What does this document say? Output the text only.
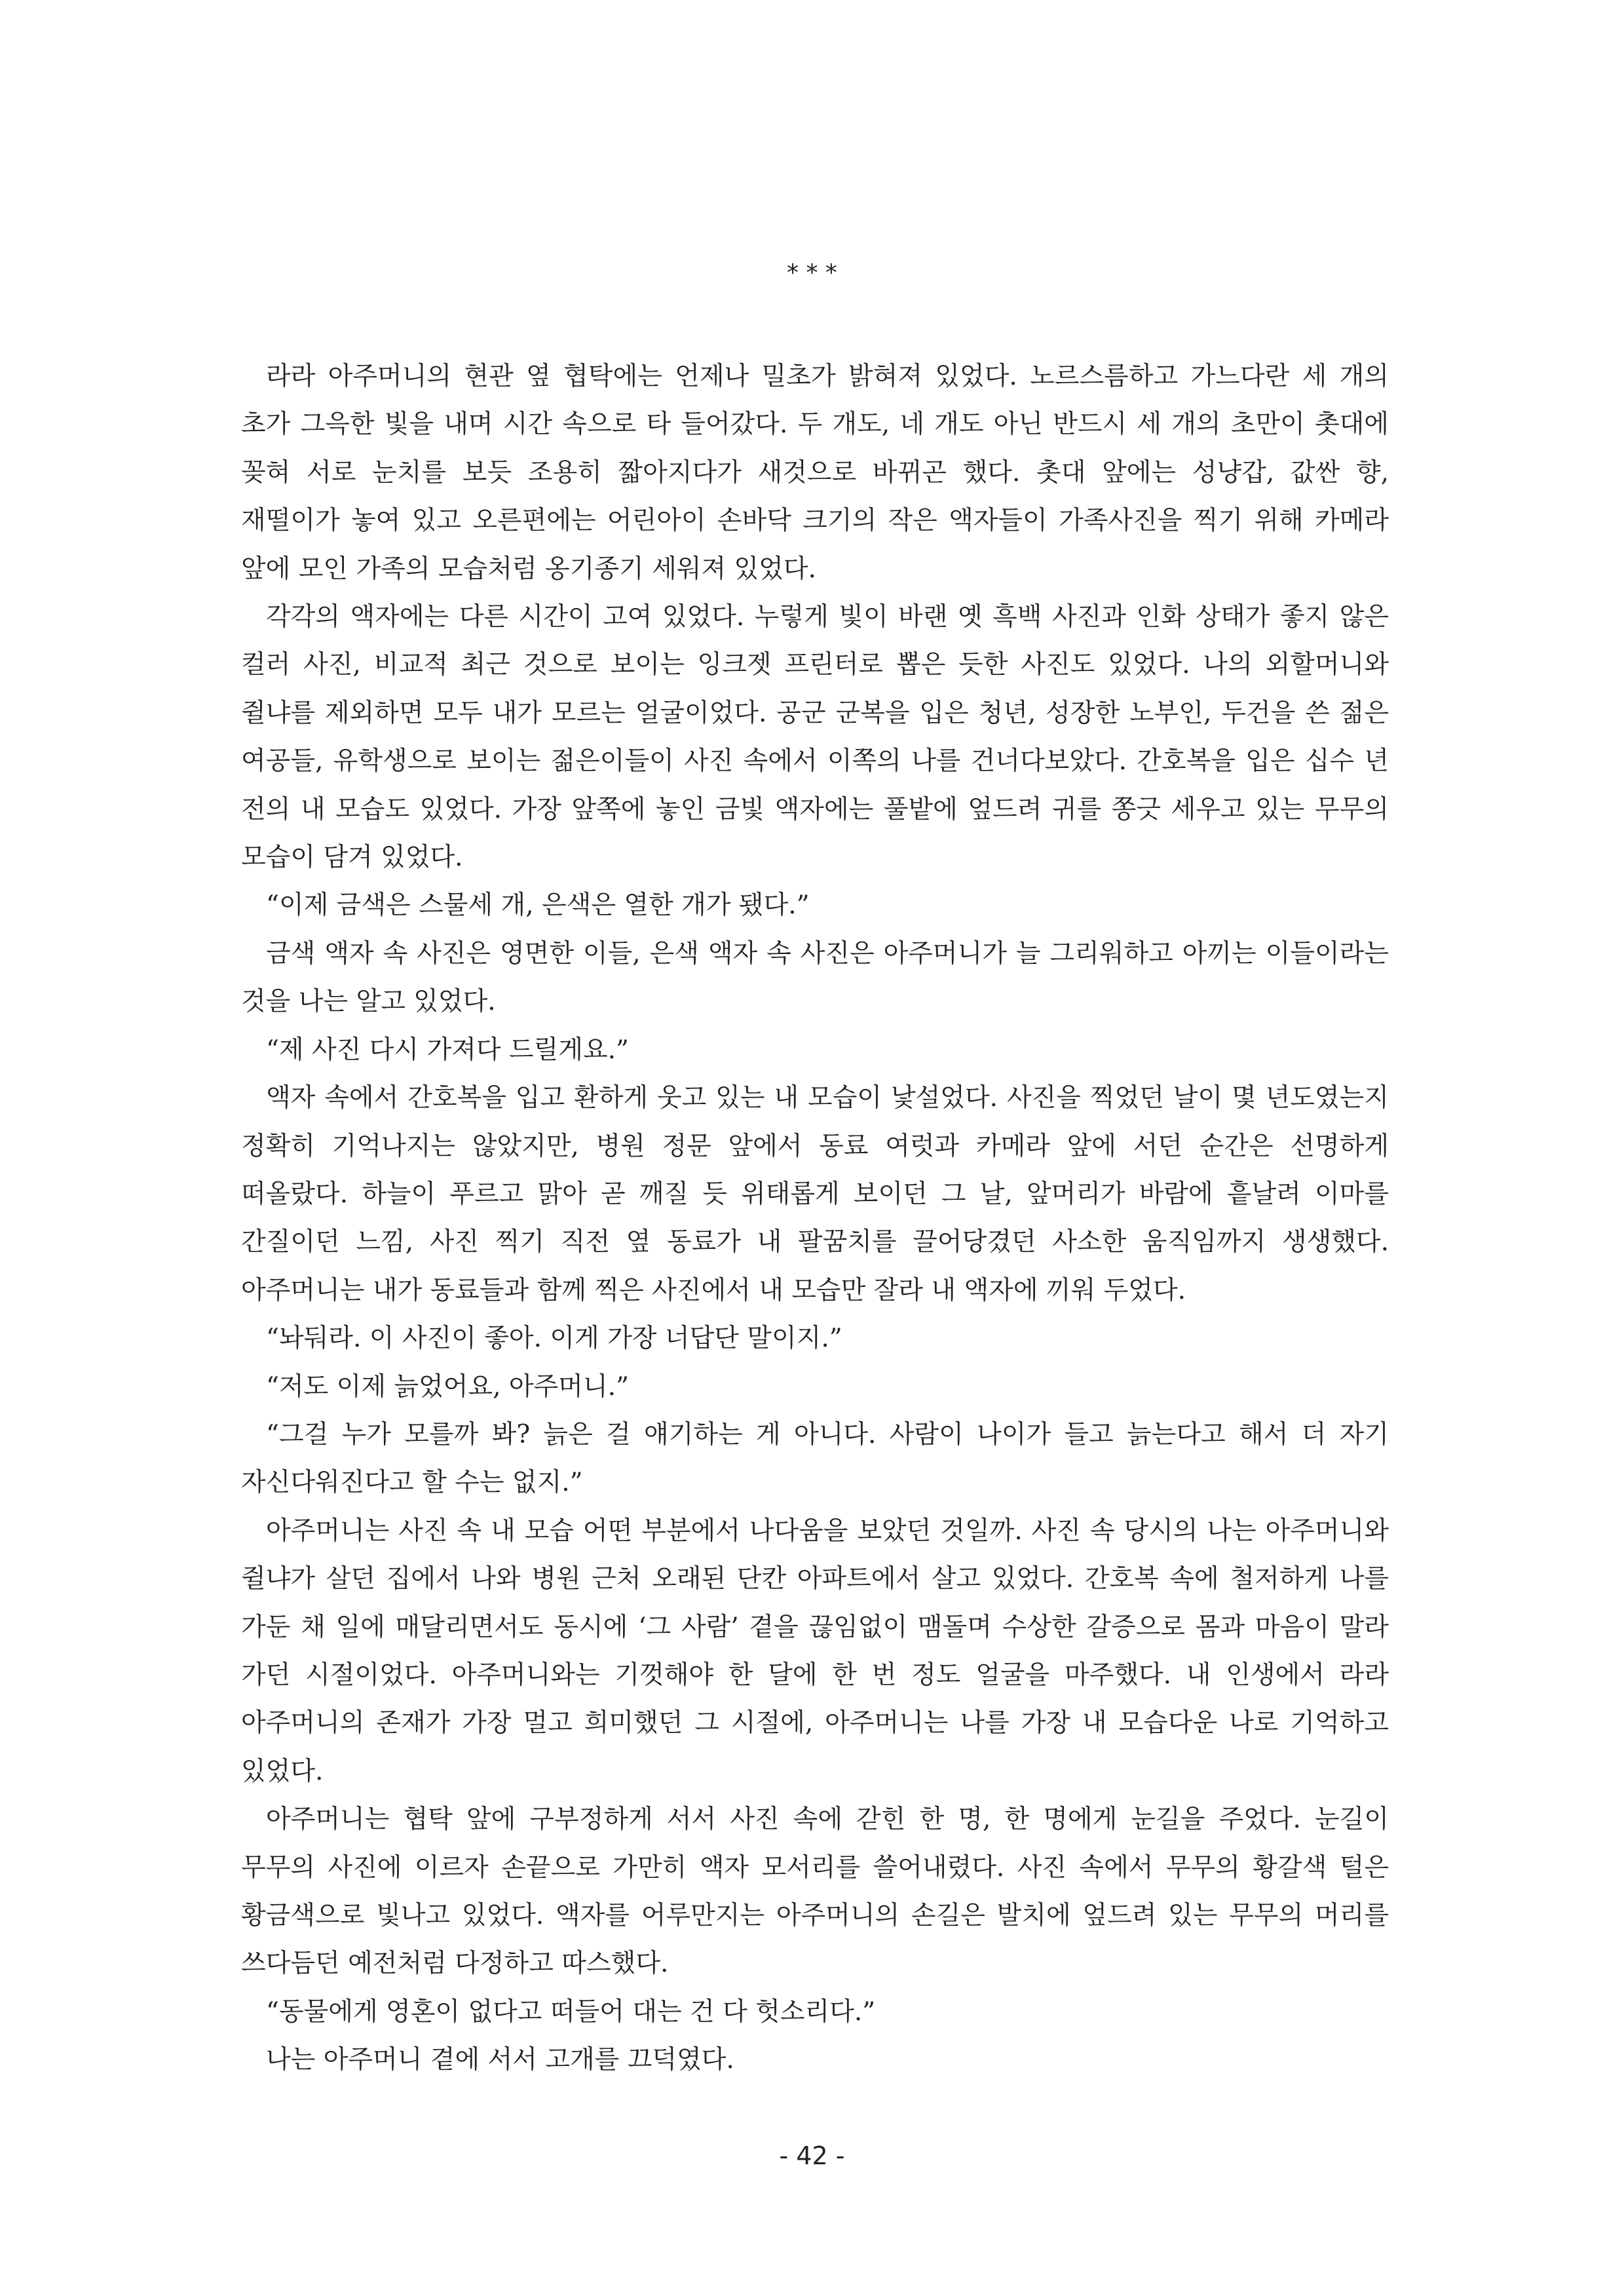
* * *

라라 아주머니의 현관 옆 협탁에는 언제나 밀초가 밝혀져 있었다. 노르스름하고 가느다란 세 개의 초가 그윽한 빛을 내며 시간 속으로 타 들어갔다. 두 개도, 네 개도 아닌 반드시 세 개의 초만이 촛대에 꽂혀 서로 눈치를 보듯 조용히 짧아지다가 새것으로 바뀌곤 했다. 촛대 앞에는 성냥갑, 값싼 향, 재떨이가 놓여 있고 오른편에는 어린아이 손바닥 크기의 작은 액자들이 가족사진을 찍기 위해 카메라 앞에 모인 가족의 모습처럼 옹기종기 세워져 있었다.

각각의 액자에는 다른 시간이 고여 있었다. 누렇게 빛이 바랜 옛 흑백 사진과 인화 상태가 좋지 않은 컬러 사진, 비교적 최근 것으로 보이는 잉크젯 프린터로 뽑은 듯한 사진도 있었다. 나의 외할머니와 쥘냐를 제외하면 모두 내가 모르는 얼굴이었다. 공군 군복을 입은 청년, 성장한 노부인, 두건을 쓴 젊은 여공들, 유학생으로 보이는 젊은이들이 사진 속에서 이쪽의 나를 건너다보았다. 간호복을 입은 십수 년 전의 내 모습도 있었다. 가장 앞쪽에 놓인 금빛 액자에는 풀밭에 엎드려 귀를 쫑긋 세우고 있는 무무의 모습이 담겨 있었다.

“이제 금색은 스물세 개, 은색은 열한 개가 됐다.”

금색 액자 속 사진은 영면한 이들, 은색 액자 속 사진은 아주머니가 늘 그리워하고 아끼는 이들이라는 것을 나는 알고 있었다.

“제 사진 다시 가져다 드릴게요.”

액자 속에서 간호복을 입고 환하게 웃고 있는 내 모습이 낯설었다. 사진을 찍었던 날이 몇 년도였는지 정확히 기억나지는 않았지만, 병원 정문 앞에서 동료 여럿과 카메라 앞에 서던 순간은 선명하게 떠올랐다. 하늘이 푸르고 맑아 곧 깨질 듯 위태롭게 보이던 그 날, 앞머리가 바람에 흩날려 이마를 간질이던 느낌, 사진 찍기 직전 옆 동료가 내 팔꿈치를 끌어당겼던 사소한 움직임까지 생생했다. 아주머니는 내가 동료들과 함께 찍은 사진에서 내 모습만 잘라 내 액자에 끼워 두었다.

“놔둬라. 이 사진이 좋아. 이게 가장 너답단 말이지.”

“저도 이제 늙었어요, 아주머니.”

“그걸 누가 모를까 봐? 늙은 걸 얘기하는 게 아니다. 사람이 나이가 들고 늙는다고 해서 더 자기 자신다워진다고 할 수는 없지.”

아주머니는 사진 속 내 모습 어떤 부분에서 나다움을 보았던 것일까. 사진 속 당시의 나는 아주머니와 쥘냐가 살던 집에서 나와 병원 근처 오래된 단칸 아파트에서 살고 있었다. 간호복 속에 철저하게 나를 가둔 채 일에 매달리면서도 동시에 ‘그 사람’ 곁을 끊임없이 맴돌며 수상한 갈증으로 몸과 마음이 말라 가던 시절이었다. 아주머니와는 기껏해야 한 달에 한 번 정도 얼굴을 마주했다. 내 인생에서 라라 아주머니의 존재가 가장 멀고 희미했던 그 시절에, 아주머니는 나를 가장 내 모습다운 나로 기억하고 있었다.

아주머니는 협탁 앞에 구부정하게 서서 사진 속에 갇힌 한 명, 한 명에게 눈길을 주었다. 눈길이 무무의 사진에 이르자 손끝으로 가만히 액자 모서리를 쓸어내렸다. 사진 속에서 무무의 황갈색 털은 황금색으로 빛나고 있었다. 액자를 어루만지는 아주머니의 손길은 발치에 엎드려 있는 무무의 머리를 쓰다듬던 예전처럼 다정하고 따스했다.

“동물에게 영혼이 없다고 떠들어 대는 건 다 헛소리다.”

나는 아주머니 곁에 서서 고개를 끄덕였다.

- 42 -
